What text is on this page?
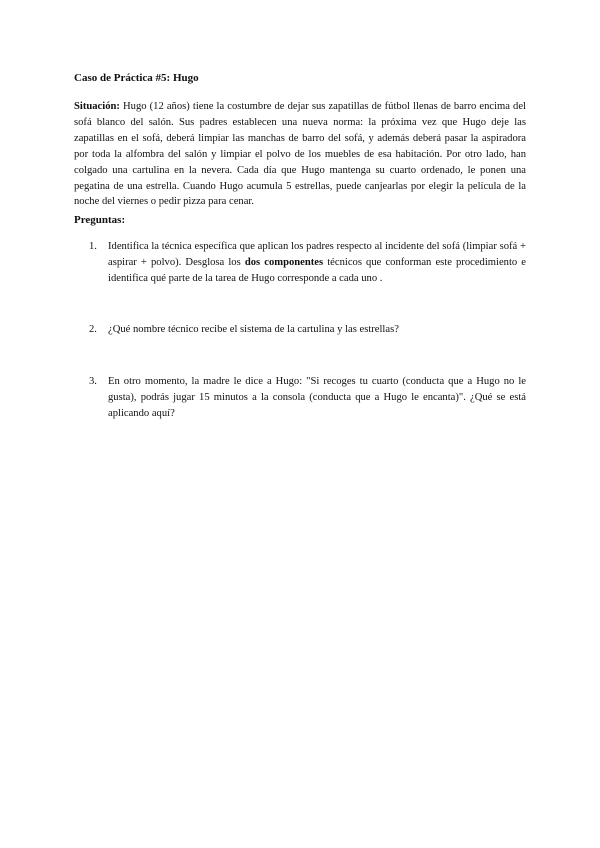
Caso de Práctica #5: Hugo

Situación: Hugo (12 años) tiene la costumbre de dejar sus zapatillas de fútbol llenas de barro encima del sofá blanco del salón. Sus padres establecen una nueva norma: la próxima vez que Hugo deje las zapatillas en el sofá, deberá limpiar las manchas de barro del sofá, y además deberá pasar la aspiradora por toda la alfombra del salón y limpiar el polvo de los muebles de esa habitación. Por otro lado, han colgado una cartulina en la nevera. Cada día que Hugo mantenga su cuarto ordenado, le ponen una pegatina de una estrella. Cuando Hugo acumula 5 estrellas, puede canjearlas por elegir la película de la noche del viernes o pedir pizza para cenar.

Preguntas:

1.	Identifica la técnica específica que aplican los padres respecto al incidente del sofá (limpiar sofá + aspirar + polvo). Desglosa los dos componentes técnicos que conforman este procedimiento e identifica qué parte de la tarea de Hugo corresponde a cada uno .
2.	¿Qué nombre técnico recibe el sistema de la cartulina y las estrellas?
3.	En otro momento, la madre le dice a Hugo: "Si recoges tu cuarto (conducta que a Hugo no le gusta), podrás jugar 15 minutos a la consola (conducta que a Hugo le encanta)". ¿Qué se está aplicando aquí?
